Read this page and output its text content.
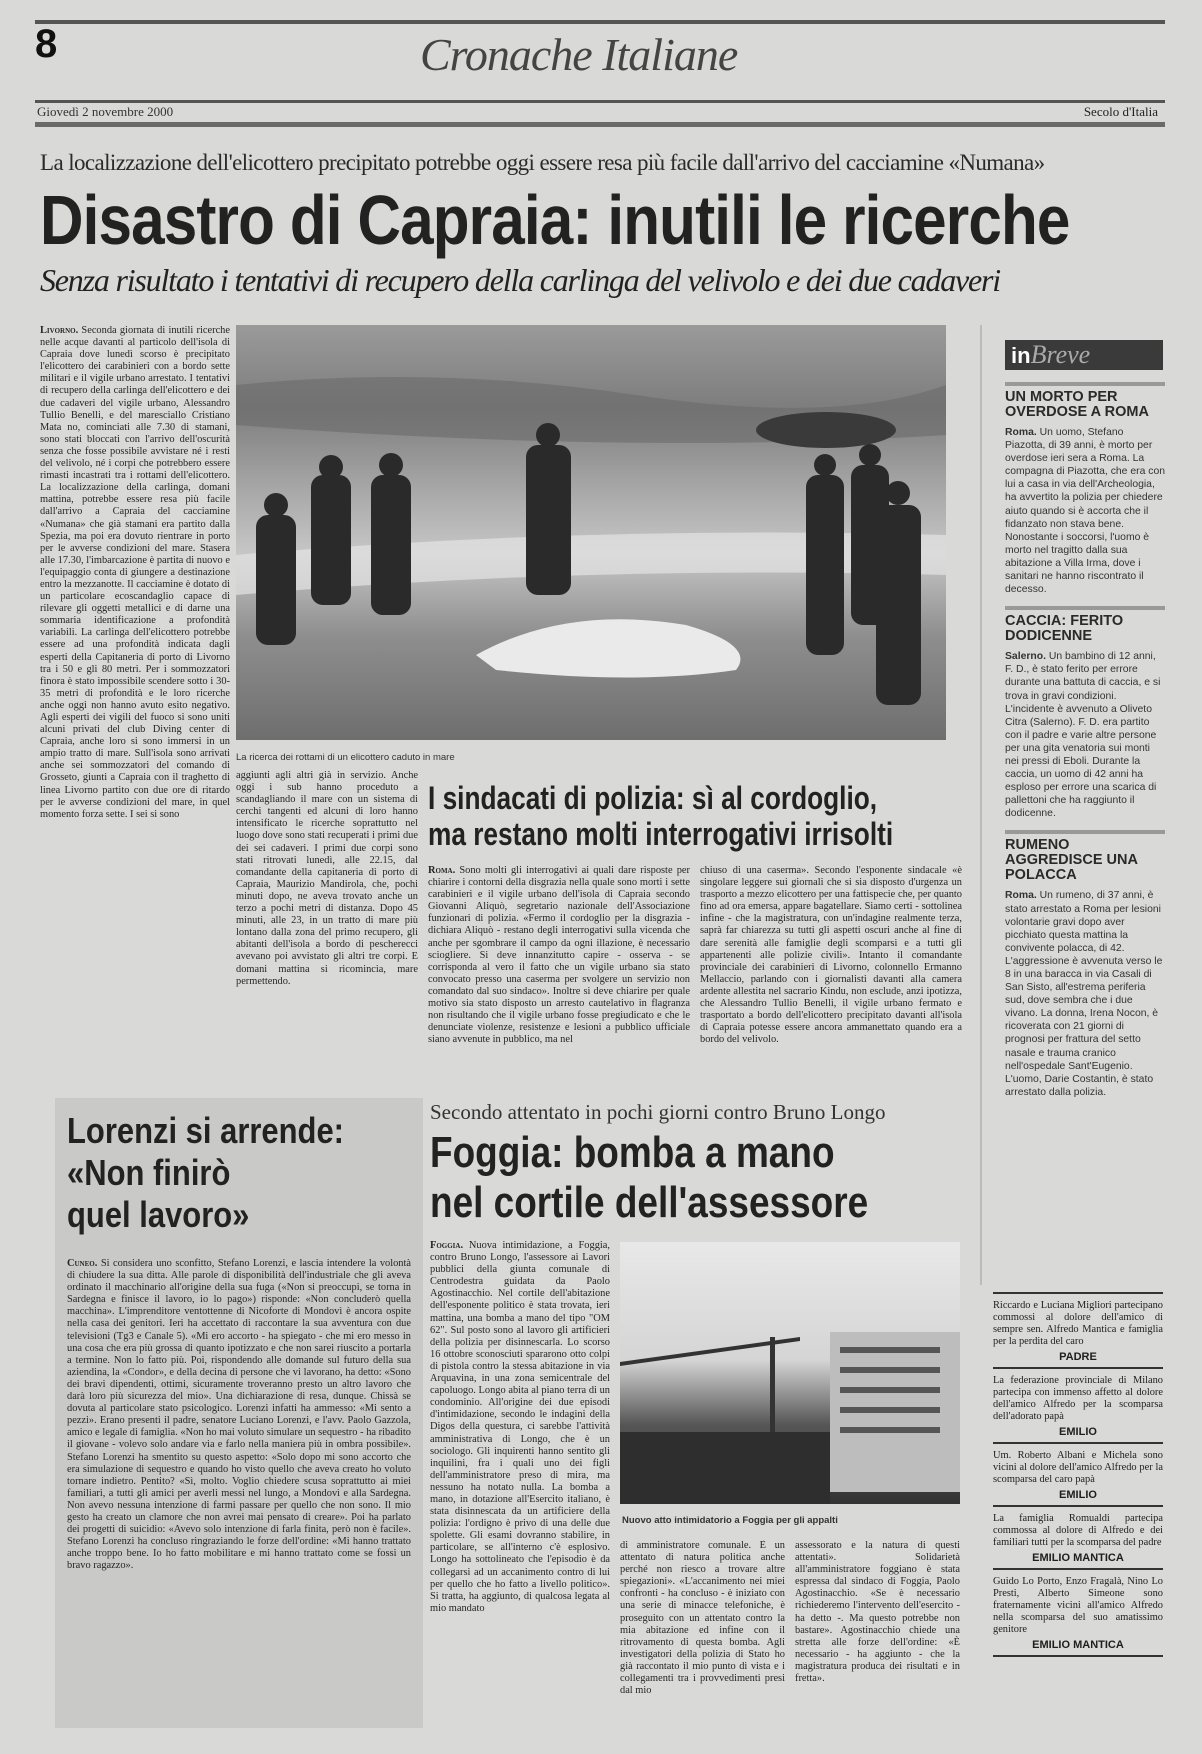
8	Cronache Italiane
Giovedì 2 novembre 2000	Secolo d'Italia
La localizzazione dell'elicottero precipitato potrebbe oggi essere resa più facile dall'arrivo del cacciamine «Numana»
Disastro di Capraia: inutili le ricerche
Senza risultato i tentativi di recupero della carlinga del velivolo e dei due cadaveri
Livorno. Seconda giornata di inutili ricerche nelle acque davanti al particolo dell'isola di Capraia dove lunedì scorso è precipitato l'elicottero dei carabinieri con a bordo sette militari e il vigile urbano arrestato. I tentativi di recupero della carlinga dell'elicottero e dei due cadaveri del vigile urbano, Alessandro Tullio Benelli, e del maresciallo Cristiano Mata no, cominciati alle 7.30 di stamani, sono stati bloccati con l'arrivo dell'oscurità senza che fosse possibile avvistare né i resti del velivolo, né i corpi che potrebbero essere rimasti incastrati tra i rottami dell'elicottero. La localizzazione della carlinga, domani mattina, potrebbe essere resa più facile dall'arrivo a Capraia del cacciamine «Numana» che già stamani era partito dalla Spezia, ma poi era dovuto rientrare in porto per le avverse condizioni del mare. Stasera alle 17.30, l'imbarcazione è partita di nuovo e l'equipaggio conta di giungere a destinazione entro la mezzanotte. Il cacciamine è dotato di un particolare ecoscandaglio capace di rilevare gli oggetti metallici e di darne una sommaria identificazione a profondità variabili. La carlinga dell'elicottero potrebbe essere ad una profondità indicata dagli esperti della Capitaneria di porto di Livorno tra i 50 e gli 80 metri. Per i sommozzatori finora è stato impossibile scendere sotto i 30-35 metri di profondità e le loro ricerche anche oggi non hanno avuto esito negativo. Agli esperti dei vigili del fuoco si sono uniti alcuni privati del club Diving center di Capraia, anche loro si sono immersi in un ampio tratto di mare. Sull'isola sono arrivati anche sei sommozzatori del comando di Grosseto, giunti a Capraia con il traghetto di linea Livorno partito con due ore di ritardo per le avverse condizioni del mare, in quel momento forza sette. I sei si sono
La ricerca dei rottami di un elicottero caduto in mare
aggiunti agli altri già in servizio. Anche oggi i sub hanno proceduto a scandagliando il mare con un sistema di cerchi tangenti ed alcuni di loro hanno intensificato le ricerche soprattutto nel luogo dove sono stati recuperati i primi due dei sei cadaveri. I primi due corpi sono stati ritrovati lunedì, alle 22.15, dal comandante della capitaneria di porto di Capraia, Maurizio Mandirola, che, pochi minuti dopo, ne aveva trovato anche un terzo a pochi metri di distanza. Dopo 45 minuti, alle 23, in un tratto di mare più lontano dalla zona del primo recupero, gli abitanti dell'isola a bordo di pescherecci avevano poi avvistato gli altri tre corpi. E domani mattina si ricomincia, mare permettendo.
I sindacati di polizia: sì al cordoglio,
ma restano molti interrogativi irrisolti
Roma. Sono molti gli interrogativi ai quali dare risposte per chiarire i contorni della disgrazia nella quale sono morti i sette carabinieri e il vigile urbano dell'isola di Capraia secondo Giovanni Aliquò, segretario nazionale dell'Associazione funzionari di polizia. «Fermo il cordoglio per la disgrazia - dichiara Aliquò - restano degli interrogativi sulla vicenda che anche per sgombrare il campo da ogni illazione, è necessario sciogliere. Si deve innanzitutto capire - osserva - se corrisponda al vero il fatto che un vigile urbano sia stato convocato presso una caserma per svolgere un servizio non comandato dal suo sindaco». Inoltre si deve chiarire per quale motivo sia stato disposto un arresto cautelativo in flagranza non risultando che il vigile urbano fosse pregiudicato e che le denunciate violenze, resistenze e lesioni a pubblico ufficiale siano avvenute in pubblico, ma nel
chiuso di una caserma». Secondo l'esponente sindacale «è singolare leggere sui giornali che si sia disposto d'urgenza un trasporto a mezzo elicottero per una fattispecie che, per quanto fino ad ora emersa, appare bagatellare. Siamo certi - sottolinea infine - che la magistratura, con un'indagine realmente terza, saprà far chiarezza su tutti gli aspetti oscuri anche al fine di dare serenità alle famiglie degli scomparsi e a tutti gli appartenenti alle polizie civili». Intanto il comandante provinciale dei carabinieri di Livorno, colonnello Ermanno Mellaccio, parlando con i giornalisti davanti alla camera ardente allestita nel sacrario Kindu, non esclude, anzi ipotizza, che Alessandro Tullio Benelli, il vigile urbano fermato e trasportato a bordo dell'elicottero precipitato davanti all'isola di Capraia potesse essere ancora ammanettato quando era a bordo del velivolo.
inBreve
UN MORTO PER OVERDOSE A ROMA
Roma. Un uomo, Stefano Piazotta, di 39 anni, è morto per overdose ieri sera a Roma. La compagna di Piazotta, che era con lui a casa in via dell'Archeologia, ha avvertito la polizia per chiedere aiuto quando si è accorta che il fidanzato non stava bene. Nonostante i soccorsi, l'uomo è morto nel tragitto dalla sua abitazione a Villa Irma, dove i sanitari ne hanno riscontrato il decesso.
CACCIA: FERITO DODICENNE
Salerno. Un bambino di 12 anni, F. D., è stato ferito per errore durante una battuta di caccia, e si trova in gravi condizioni. L'incidente è avvenuto a Oliveto Citra (Salerno). F. D. era partito con il padre e varie altre persone per una gita venatoria sui monti nei pressi di Eboli. Durante la caccia, un uomo di 42 anni ha esploso per errore una scarica di pallettoni che ha raggiunto il dodicenne.
RUMENO AGGREDISCE UNA POLACCA
Roma. Un rumeno, di 37 anni, è stato arrestato a Roma per lesioni volontarie gravi dopo aver picchiato questa mattina la convivente polacca, di 42. L'aggressione è avvenuta verso le 8 in una baracca in via Casali di San Sisto, all'estrema periferia sud, dove sembra che i due vivano. La donna, Irena Nocon, è ricoverata con 21 giorni di prognosi per frattura del setto nasale e trauma cranico nell'ospedale Sant'Eugenio. L'uomo, Darie Costantin, è stato arrestato dalla polizia.
Riccardo e Luciana Migliori partecipano commossi al dolore dell'amico di sempre sen. Alfredo Mantica e famiglia per la perdita del caro
PADRE
La federazione provinciale di Milano partecipa con immenso affetto al dolore dell'amico Alfredo per la scomparsa dell'adorato papà
EMILIO
Um. Roberto Albani e Michela sono vicini al dolore dell'amico Alfredo per la scomparsa del caro papà
EMILIO
La famiglia Romualdi partecipa commossa al dolore di Alfredo e dei familiari tutti per la scomparsa del padre
EMILIO MANTICA
Guido Lo Porto, Enzo Fragalà, Nino Lo Presti, Alberto Simeone sono fraternamente vicini all'amico Alfredo nella scomparsa del suo amatissimo genitore
EMILIO MANTICA
Lorenzi si arrende:
«Non finirò
quel lavoro»
Cuneo. Si considera uno sconfitto, Stefano Lorenzi, e lascia intendere la volontà di chiudere la sua ditta. Alle parole di disponibilità dell'industriale che gli aveva ordinato il macchinario all'origine della sua fuga («Non si preoccupi, se torna in Sardegna e finisce il lavoro, io lo pago») risponde: «Non concluderò quella macchina». L'imprenditore ventottenne di Nicoforte di Mondovì è ancora ospite nella casa dei genitori. Ieri ha accettato di raccontare la sua avventura con due televisioni (Tg3 e Canale 5). «Mi ero accorto - ha spiegato - che mi ero messo in una cosa che era più grossa di quanto ipotizzato e che non sarei riuscito a portarla a termine. Non lo fatto più. Poi, rispondendo alle domande sul futuro della sua aziendina, la «Condor», e della decina di persone che vi lavorano, ha detto: «Sono dei bravi dipendenti, ottimi, sicuramente troveranno presto un altro lavoro che darà loro più sicurezza del mio». Una dichiarazione di resa, dunque. Chissà se dovuta al particolare stato psicologico. Lorenzi infatti ha ammesso: «Mi sento a pezzi». Erano presenti il padre, senatore Luciano Lorenzi, e l'avv. Paolo Gazzola, amico e legale di famiglia. «Non ho mai voluto simulare un sequestro - ha ribadito il giovane - volevo solo andare via e farlo nella maniera più in ombra possibile». Stefano Lorenzi ha smentito su questo aspetto: «Solo dopo mi sono accorto che era simulazione di sequestro e quando ho visto quello che aveva creato ho voluto tornare indietro. Pentito? «Sì, molto. Voglio chiedere scusa soprattutto ai miei familiari, a tutti gli amici per averli messi nel lungo, a Mondovì e alla Sardegna. Non avevo nessuna intenzione di farmi passare per quello che non sono. Il mio gesto ha creato un clamore che non avrei mai pensato di creare». Poi ha parlato dei progetti di suicidio: «Avevo solo intenzione di farla finita, però non è facile». Stefano Lorenzi ha concluso ringraziando le forze dell'ordine: «Mi hanno trattato anche troppo bene. Io ho fatto mobilitare e mi hanno trattato come se fossi un bravo ragazzo».
Secondo attentato in pochi giorni contro Bruno Longo
Foggia: bomba a mano
nel cortile dell'assessore
Foggia. Nuova intimidazione, a Foggia, contro Bruno Longo, l'assessore ai Lavori pubblici della giunta comunale di Centrodestra guidata da Paolo Agostinacchio. Nel cortile dell'abitazione dell'esponente politico è stata trovata, ieri mattina, una bomba a mano del tipo "OM 62". Sul posto sono al lavoro gli artificieri della polizia per disinnescarla. Lo scorso 16 ottobre sconosciuti spararono otto colpi di pistola contro la stessa abitazione in via Arquavina, in una zona semicentrale del capoluogo. Longo abita al piano terra di un condominio. All'origine dei due episodi d'intimidazione, secondo le indagini della Digos della questura, ci sarebbe l'attività amministrativa di Longo, che è un sociologo. Gli inquirenti hanno sentito gli inquilini, fra i quali uno dei figli dell'amministratore preso di mira, ma nessuno ha notato nulla. La bomba a mano, in dotazione all'Esercito italiano, è stata disinnescata da un artificiere della polizia: l'ordigno è privo di una delle due spolette. Gli esami dovranno stabilire, in particolare, se all'interno c'è esplosivo. Longo ha sottolineato che l'episodio è da collegarsi ad un accanimento contro di lui per quello che ho fatto a livello politico». Si tratta, ha aggiunto, di qualcosa legata al mio mandato
Nuovo atto intimidatorio a Foggia per gli appalti
di amministratore comunale. È un attentato di natura politica anche perché non riesco a trovare altre spiegazioni». «L'accanimento nei miei confronti - ha concluso - è iniziato con una serie di minacce telefoniche, è proseguito con un attentato contro la mia abitazione ed infine con il ritrovamento di questa bomba. Agli investigatori della polizia di Stato ho già raccontato il mio punto di vista e i collegamenti tra i provvedimenti presi dal mio
assessorato e la natura di questi attentati». Solidarietà all'amministratore foggiano è stata espressa dal sindaco di Foggia, Paolo Agostinacchio. «Se è necessario richiederemo l'intervento dell'esercito - ha detto -. Ma questo potrebbe non bastare». Agostinacchio chiede una stretta alle forze dell'ordine: «È necessario - ha aggiunto - che la magistratura produca dei risultati e in fretta».
